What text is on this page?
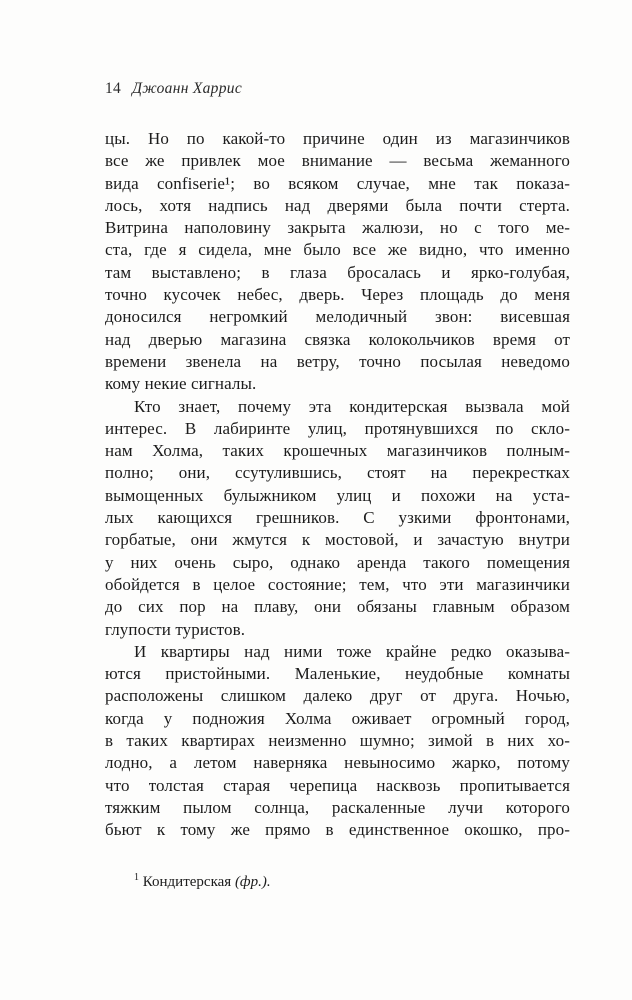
14 Джоанн Харрис
цы. Но по какой-то причине один из магазинчиков
все же привлек мое внимание — весьма жеманного
вида confiserie¹; во всяком случае, мне так показа-
лось, хотя надпись над дверями была почти стерта.
Витрина наполовину закрыта жалюзи, но с того ме-
ста, где я сидела, мне было все же видно, что именно
там выставлено; в глаза бросалась и ярко-голубая,
точно кусочек небес, дверь. Через площадь до меня
доносился негромкий мелодичный звон: висевшая
над дверью магазина связка колокольчиков время от
времени звенела на ветру, точно посылая неведомо
кому некие сигналы.
Кто знает, почему эта кондитерская вызвала мой
интерес. В лабиринте улиц, протянувшихся по скло-
нам Холма, таких крошечных магазинчиков полным-
полно; они, ссутулившись, стоят на перекрестках
вымощенных булыжником улиц и похожи на уста-
лых кающихся грешников. С узкими фронтонами,
горбатые, они жмутся к мостовой, и зачастую внутри
у них очень сыро, однако аренда такого помещения
обойдется в целое состояние; тем, что эти магазинчики
до сих пор на плаву, они обязаны главным образом
глупости туристов.
И квартиры над ними тоже крайне редко оказыва-
ются пристойными. Маленькие, неудобные комнаты
расположены слишком далеко друг от друга. Ночью,
когда у подножия Холма оживает огромный город,
в таких квартирах неизменно шумно; зимой в них хо-
лодно, а летом наверняка невыносимо жарко, потому
что толстая старая черепица насквозь пропитывается
тяжким пылом солнца, раскаленные лучи которого
бьют к тому же прямо в единственное окошко, про-
$^1$ Кондитерская (фр.).
